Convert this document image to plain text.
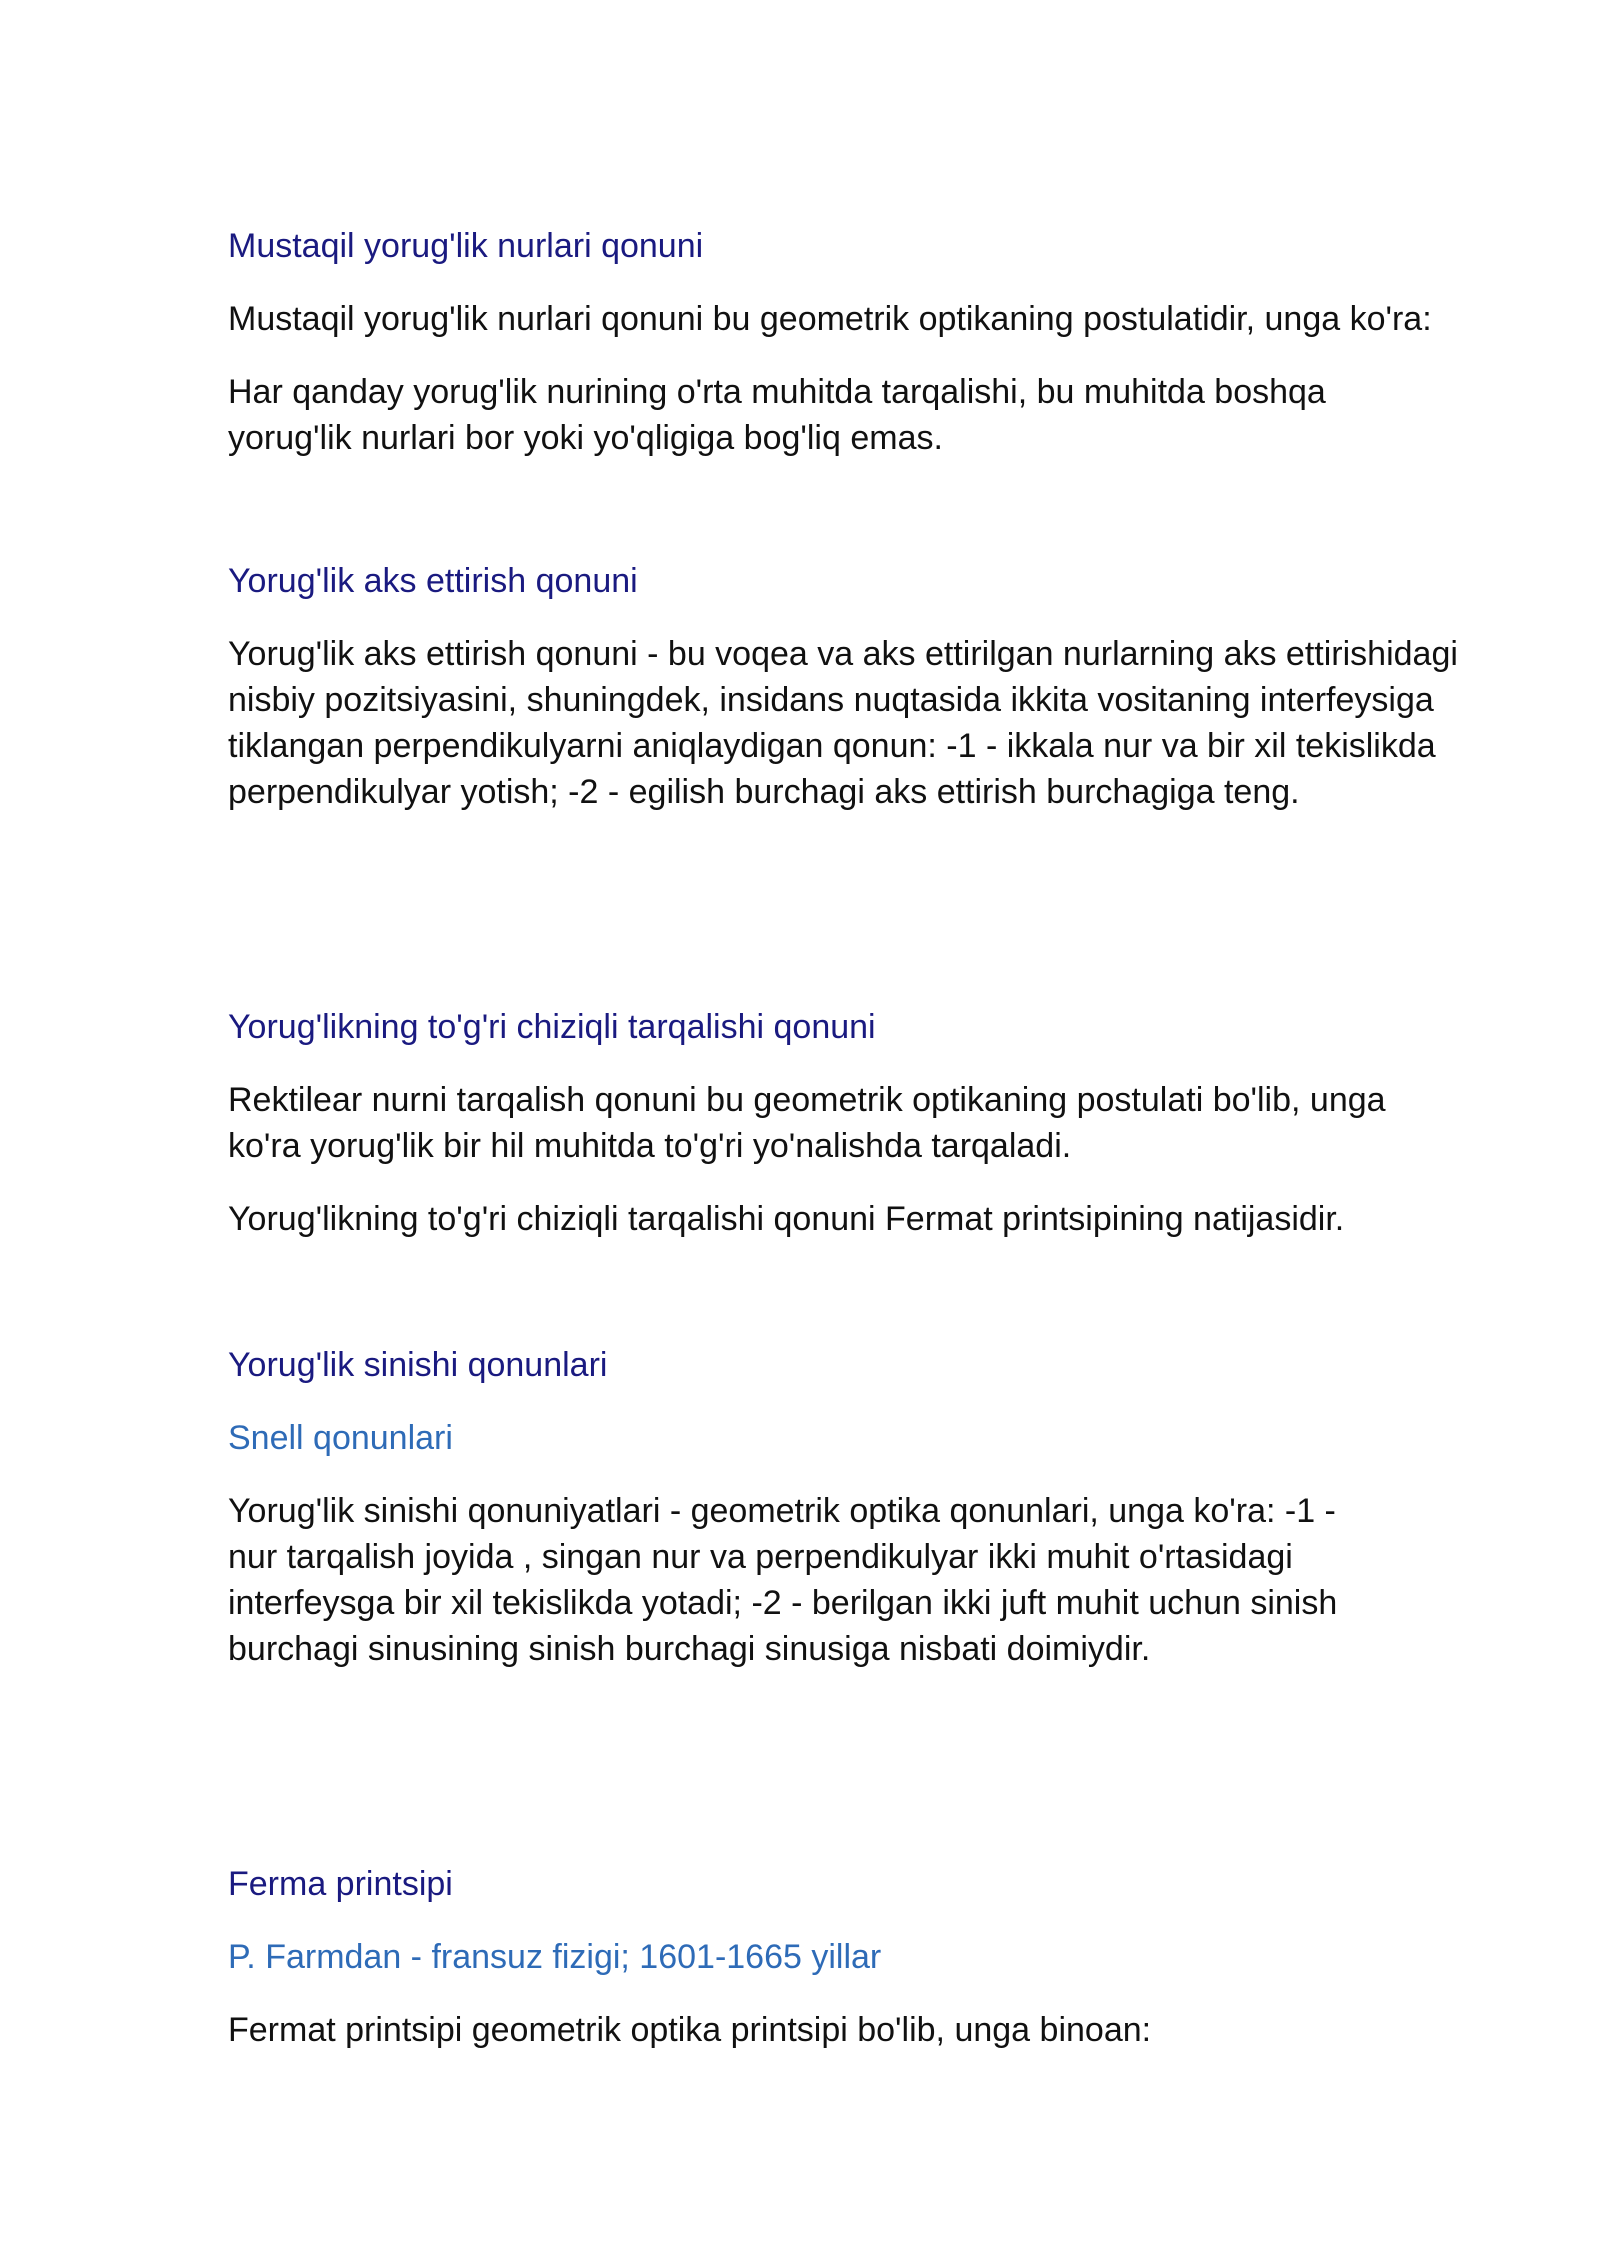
Mustaqil yorug'lik nurlari qonuni
Mustaqil yorug'lik nurlari qonuni bu geometrik optikaning postulatidir, unga ko'ra:
Har qanday yorug'lik nurining o'rta muhitda tarqalishi, bu muhitda boshqa
yorug'lik nurlari bor yoki yo'qligiga bog'liq emas.
Yorug'lik aks ettirish qonuni
Yorug'lik aks ettirish qonuni - bu voqea va aks ettirilgan nurlarning aks ettirishidagi
nisbiy pozitsiyasini, shuningdek, insidans nuqtasida ikkita vositaning interfeysiga
tiklangan perpendikulyarni aniqlaydigan qonun: -1 - ikkala nur va bir xil tekislikda
perpendikulyar yotish; -2 - egilish burchagi aks ettirish burchagiga teng.
Yorug'likning to'g'ri chiziqli tarqalishi qonuni
Rektilear nurni tarqalish qonuni bu geometrik optikaning postulati bo'lib, unga
ko'ra yorug'lik bir hil muhitda to'g'ri yo'nalishda tarqaladi.
Yorug'likning to'g'ri chiziqli tarqalishi qonuni Fermat printsipining natijasidir.
Yorug'lik sinishi qonunlari
Snell qonunlari
Yorug'lik sinishi qonuniyatlari - geometrik optika qonunlari, unga ko'ra: -1 -
nur tarqalish joyida , singan nur va perpendikulyar ikki muhit o'rtasidagi
interfeysga bir xil tekislikda yotadi; -2 - berilgan ikki juft muhit uchun sinish
burchagi sinusining sinish burchagi sinusiga nisbati doimiydir.
Ferma printsipi
P. Farmdan - fransuz fizigi; 1601-1665 yillar
Fermat printsipi geometrik optika printsipi bo'lib, unga binoan:
